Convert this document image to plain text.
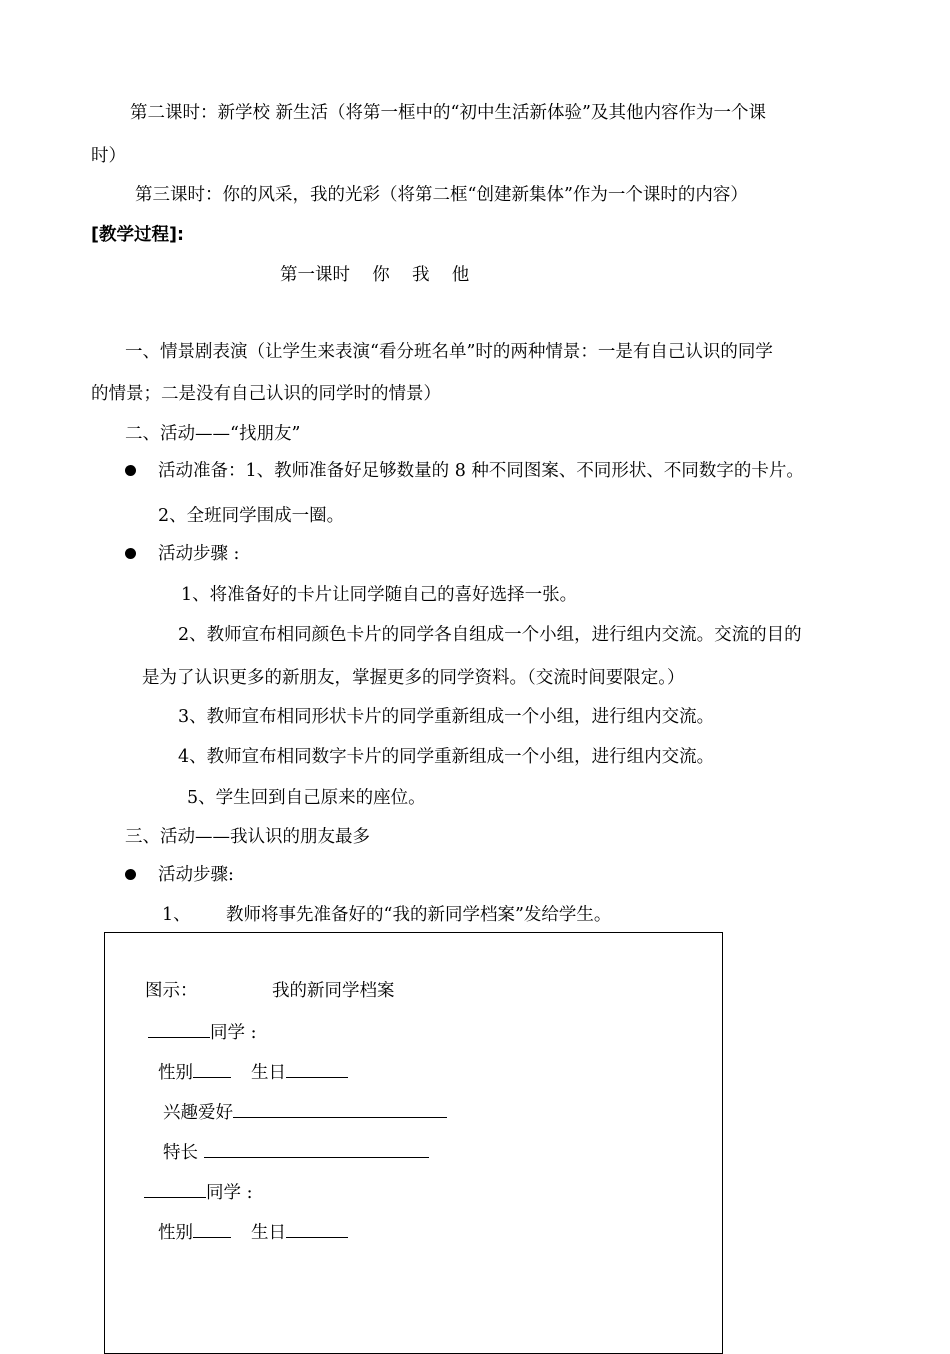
第二课时：新学校 新生活（将第一框中的“初中生活新体验”及其他内容作为一个课
时）
第三课时：你的风采，我的光彩（将第二框“创建新集体”作为一个课时的内容）
[教学过程]:
第一课时    你    我    他
一、情景剧表演（让学生来表演“看分班名单”时的两种情景：一是有自己认识的同学
的情景；二是没有自己认识的同学时的情景）
二、活动——“找朋友”
活动准备：1、教师准备好足够数量的 8 种不同图案、不同形状、不同数字的卡片。
2、全班同学围成一圈。
活动步骤 :
1、将准备好的卡片让同学随自己的喜好选择一张。
2、教师宣布相同颜色卡片的同学各自组成一个小组，进行组内交流。交流的目的
是为了认识更多的新朋友，掌握更多的同学资料。（交流时间要限定。）
3、教师宣布相同形状卡片的同学重新组成一个小组，进行组内交流。
4、教师宣布相同数字卡片的同学重新组成一个小组，进行组内交流。
5、学生回到自己原来的座位。
三、活动——我认识的朋友最多
活动步骤:
1、 教师将事先准备好的“我的新同学档案”发给学生。
图示：	我的新同学档案
同学 :
性别	生日
兴趣爱好
特长
同学 :
性别	生日
